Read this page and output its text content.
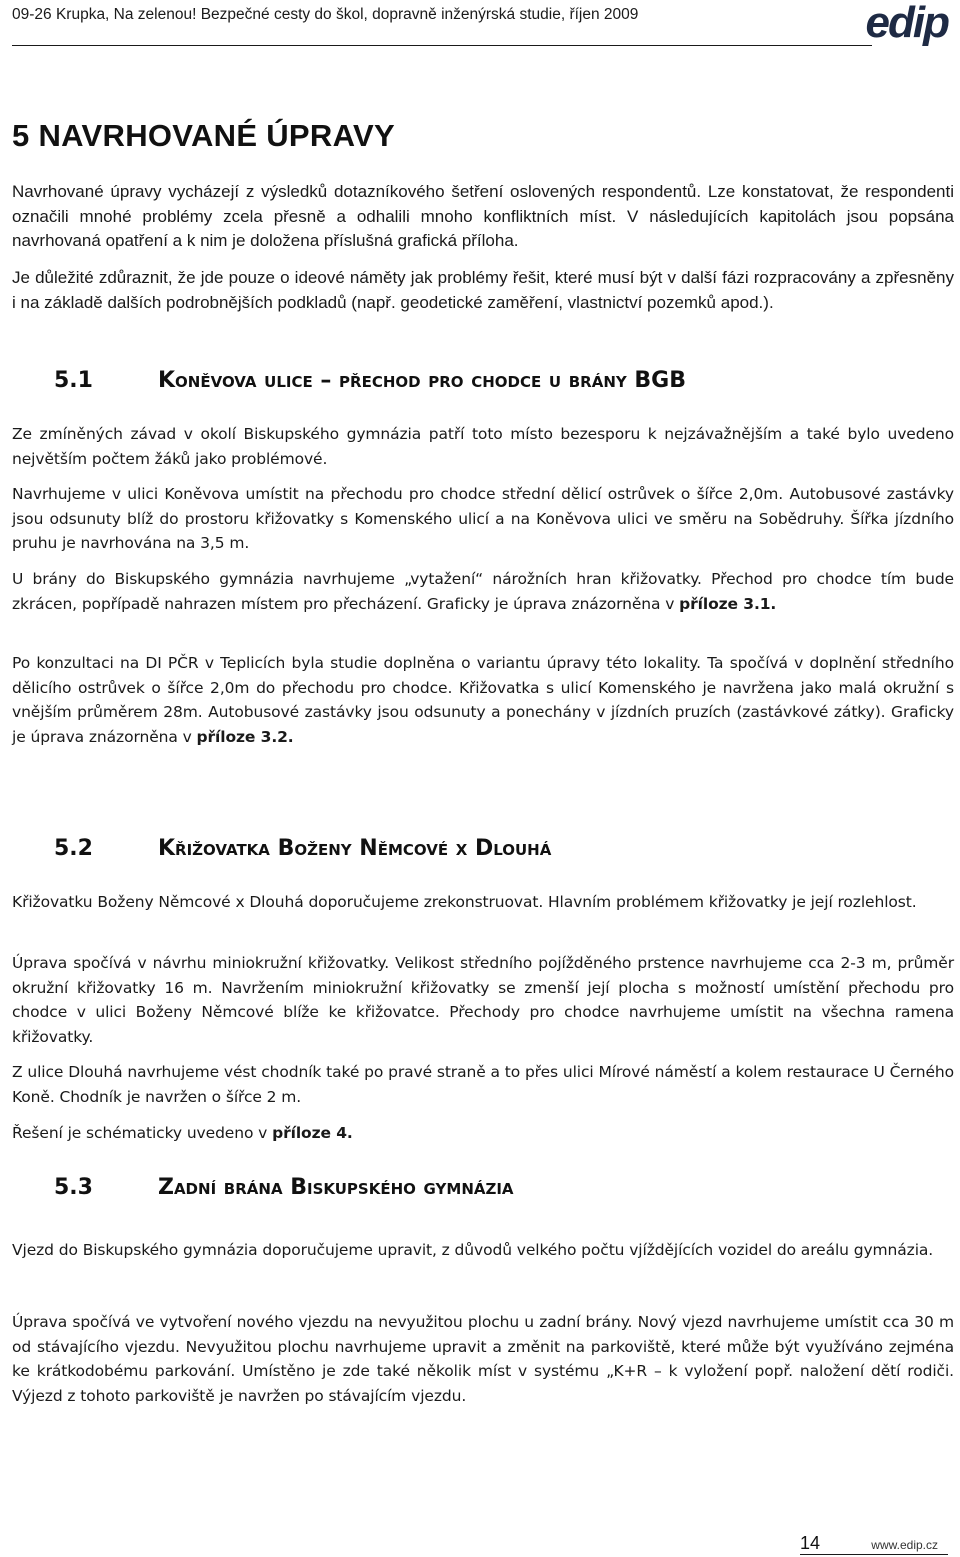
09-26 Krupka, Na zelenou! Bezpečné cesty do škol, dopravně inženýrská studie, říjen 2009	edip
5 NAVRHOVANÉ ÚPRAVY

Navrhované úpravy vycházejí z výsledků dotazníkového šetření oslovených respondentů. Lze konstatovat, že respondenti označili mnohé problémy zcela přesně a odhalili mnoho konfliktních míst. V následujících kapitolách jsou popsána navrhovaná opatření a k nim je doložena příslušná grafická příloha.

Je důležité zdůraznit, že jde pouze o ideové náměty jak problémy řešit, které musí být v další fázi rozpracovány a zpřesněny i na základě dalších podrobnějších podkladů (např. geodetické zaměření, vlastnictví pozemků apod.).

5.1	Koněvova ulice – přechod pro chodce u brány BGB

Ze zmíněných závad v okolí Biskupského gymnázia patří toto místo bezesporu k nejzávažnějším a také bylo uvedeno největším počtem žáků jako problémové.

Navrhujeme v ulici Koněvova umístit na přechodu pro chodce střední dělicí ostrůvek o šířce 2,0m. Autobusové zastávky jsou odsunuty blíž do prostoru křižovatky s Komenského ulicí a na Koněvova ulici ve směru na Sobědruhy. Šířka jízdního pruhu je navrhována na 3,5 m.

U brány do Biskupského gymnázia navrhujeme „vytažení“ nárožních hran křižovatky. Přechod pro chodce tím bude zkrácen, popřípadě nahrazen místem pro přecházení. Graficky je úprava znázorněna v příloze 3.1.

Po konzultaci na DI PČR v Teplicích byla studie doplněna o variantu úpravy této lokality. Ta spočívá v doplnění středního dělicího ostrůvek o šířce 2,0m do přechodu pro chodce. Křižovatka s ulicí Komenského je navržena jako malá okružní s vnějším průměrem 28m. Autobusové zastávky jsou odsunuty a ponechány v jízdních pruzích (zastávkové zátky). Graficky je úprava znázorněna v příloze 3.2.

5.2	Křižovatka Boženy Němcové x Dlouhá

Křižovatku Boženy Němcové x Dlouhá doporučujeme zrekonstruovat. Hlavním problémem křižovatky je její rozlehlost.

Úprava spočívá v návrhu miniokružní křižovatky. Velikost středního pojížděného prstence navrhujeme cca 2-3 m, průměr okružní křižovatky 16 m. Navržením miniokružní křižovatky se zmenší její plocha s možností umístění přechodu pro chodce v ulici Boženy Němcové blíže ke křižovatce. Přechody pro chodce navrhujeme umístit na všechna ramena křižovatky.

Z ulice Dlouhá navrhujeme vést chodník také po pravé straně a to přes ulici Mírové náměstí a kolem restaurace U Černého Koně. Chodník je navržen o šířce 2 m.

Řešení je schématicky uvedeno v příloze 4.

5.3	Zadní brána Biskupského gymnázia

Vjezd do Biskupského gymnázia doporučujeme upravit, z důvodů velkého počtu vjíždějících vozidel do areálu gymnázia.

Úprava spočívá ve vytvoření nového vjezdu na nevyužitou plochu u zadní brány. Nový vjezd navrhujeme umístit cca 30 m od stávajícího vjezdu. Nevyužitou plochu navrhujeme upravit a změnit na parkoviště, které může být využíváno zejména ke krátkodobému parkování. Umístěno je zde také několik míst v systému „K+R – k vyložení popř. naložení dětí rodiči. Výjezd z tohoto parkoviště je navržen po stávajícím vjezdu.

14	www.edip.cz
